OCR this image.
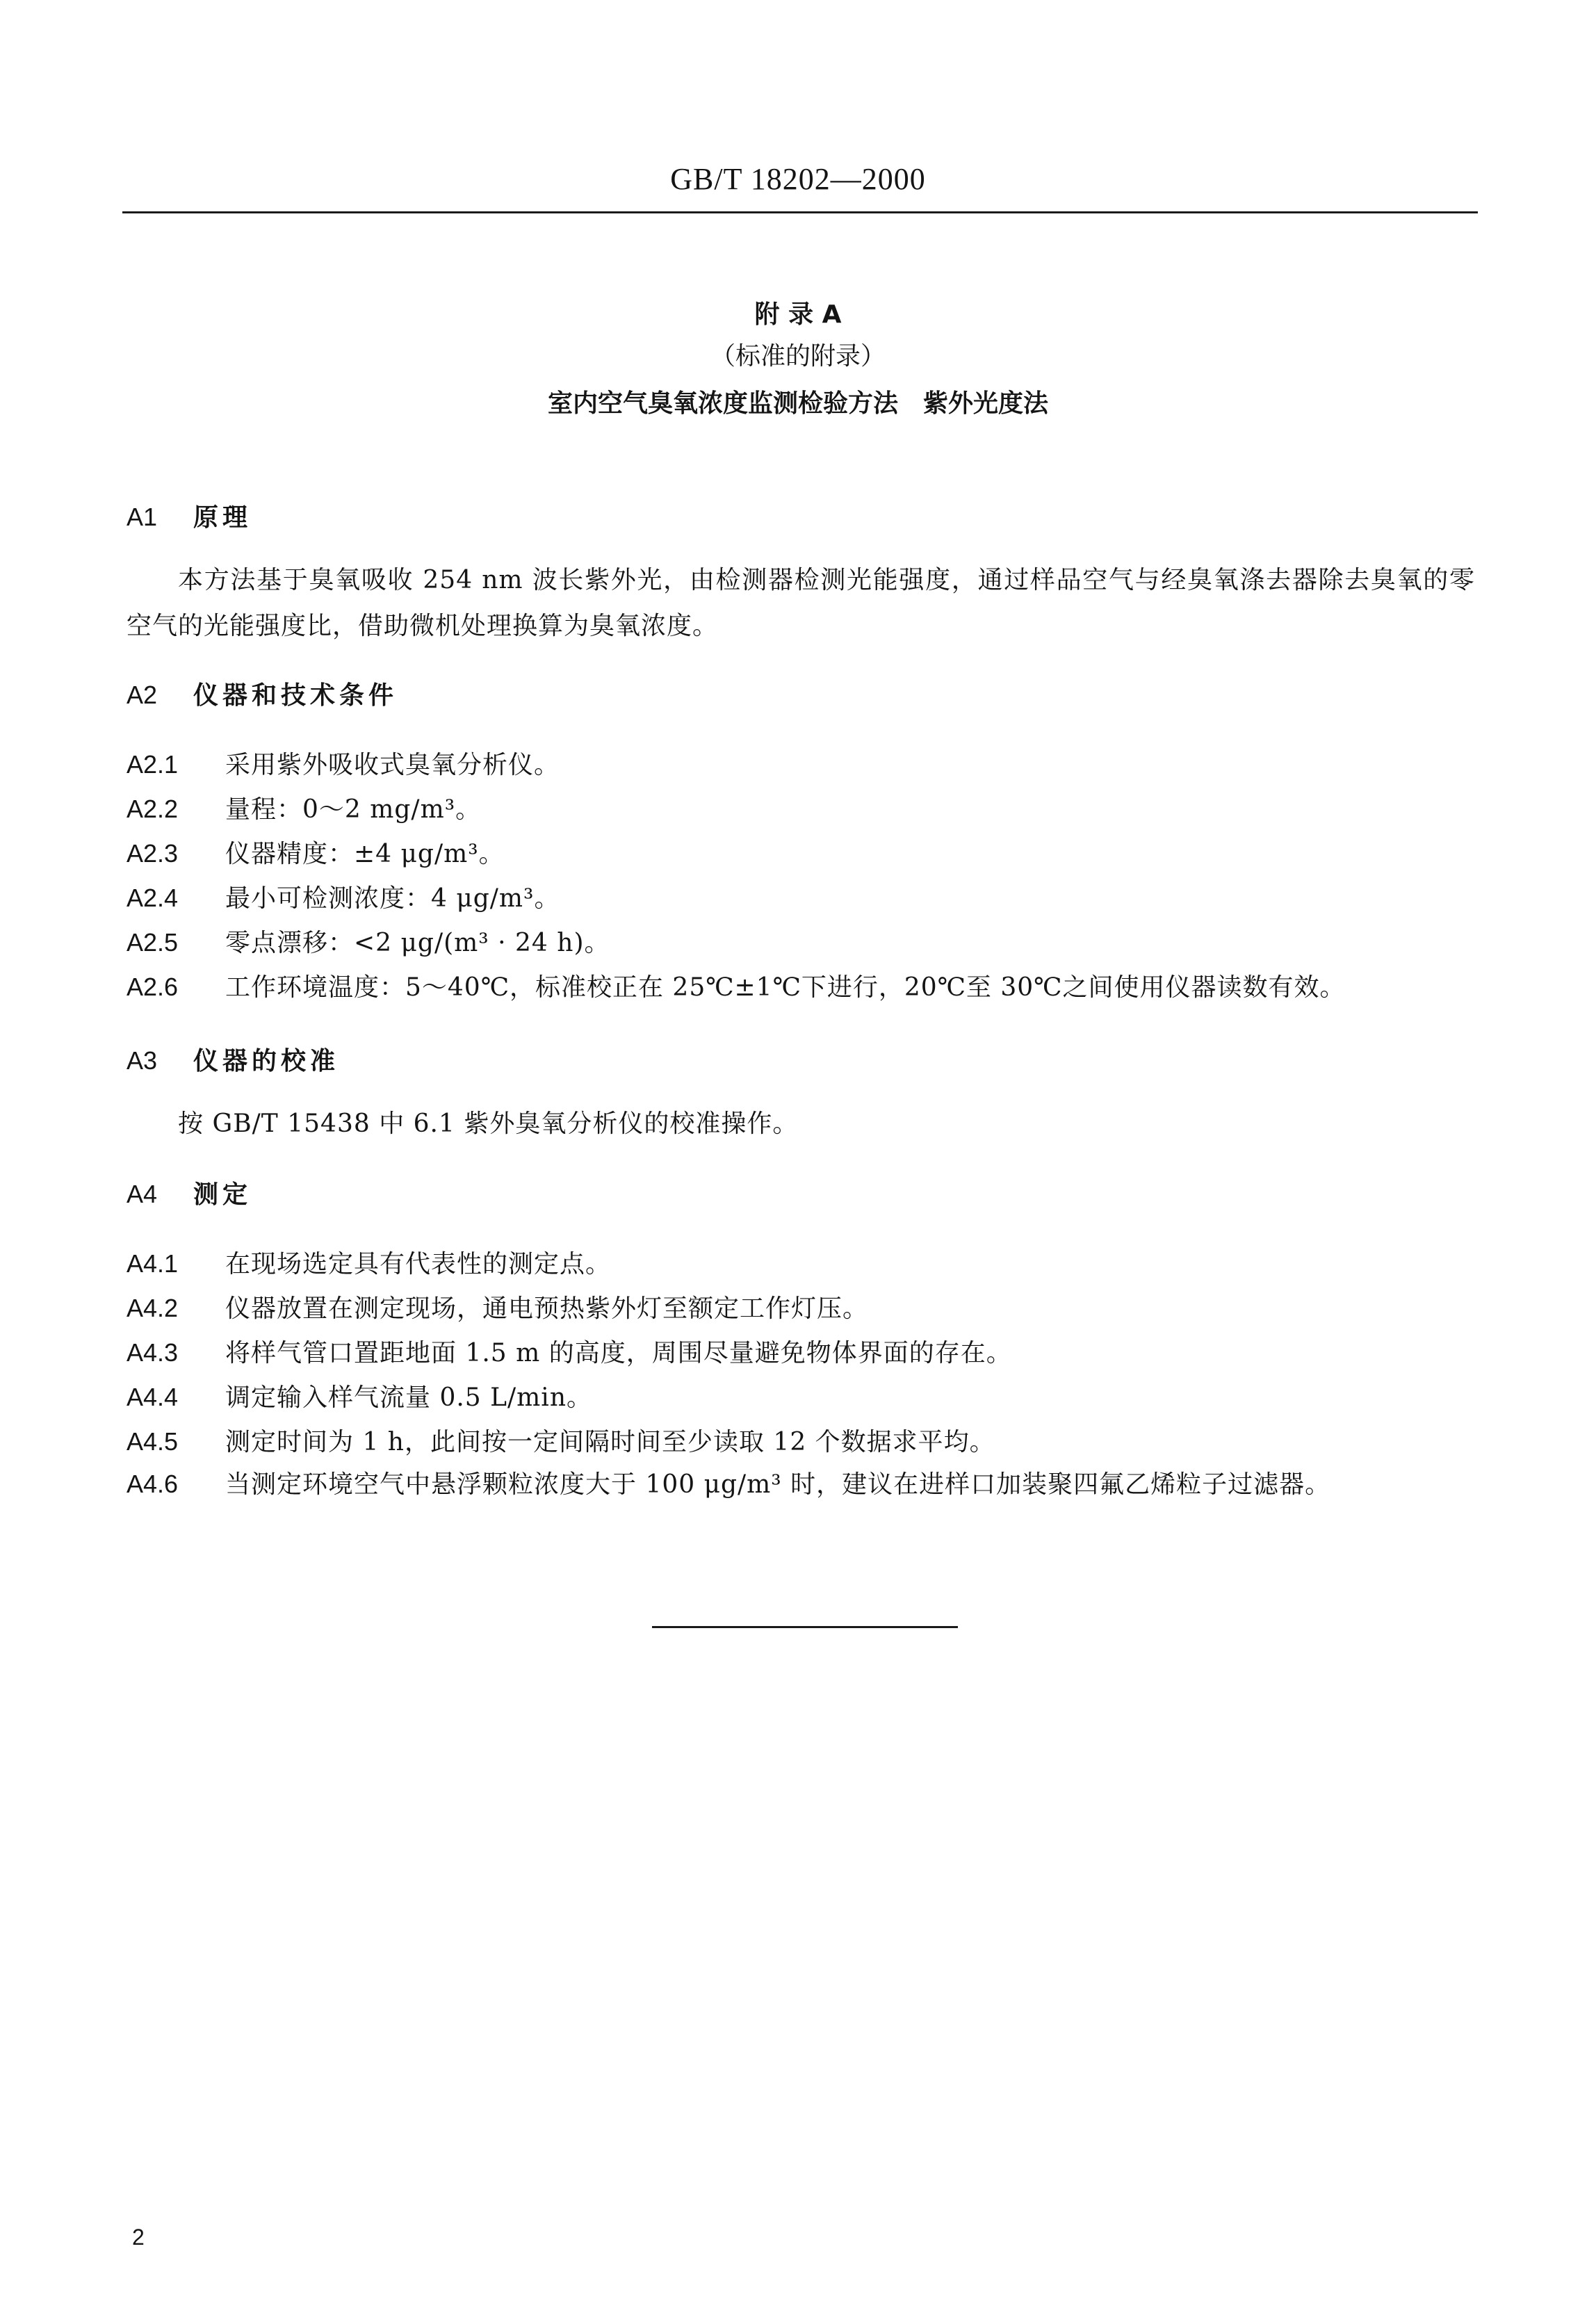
GB/T 18202—2000
附 录 A
（标准的附录）
室内空气臭氧浓度监测检验方法　紫外光度法
A1 原理
本方法基于臭氧吸收 254 nm 波长紫外光，由检测器检测光能强度，通过样品空气与经臭氧涤去器除去臭氧的零空气的光能强度比，借助微机处理换算为臭氧浓度。
A2 仪器和技术条件
A2.1 采用紫外吸收式臭氧分析仪。
A2.2 量程：0～2 mg/m³。
A2.3 仪器精度：±4 μg/m³。
A2.4 最小可检测浓度：4 μg/m³。
A2.5 零点漂移：<2 μg/(m³ · 24 h)。
A2.6 工作环境温度：5～40℃，标准校正在 25℃±1℃下进行，20℃至 30℃之间使用仪器读数有效。
A3 仪器的校准
按 GB/T 15438 中 6.1 紫外臭氧分析仪的校准操作。
A4 测定
A4.1 在现场选定具有代表性的测定点。
A4.2 仪器放置在测定现场，通电预热紫外灯至额定工作灯压。
A4.3 将样气管口置距地面 1.5 m 的高度，周围尽量避免物体界面的存在。
A4.4 调定输入样气流量 0.5 L/min。
A4.5 测定时间为 1 h，此间按一定间隔时间至少读取 12 个数据求平均。
A4.6 当测定环境空气中悬浮颗粒浓度大于 100 μg/m³ 时，建议在进样口加装聚四氟乙烯粒子过滤器。
2
